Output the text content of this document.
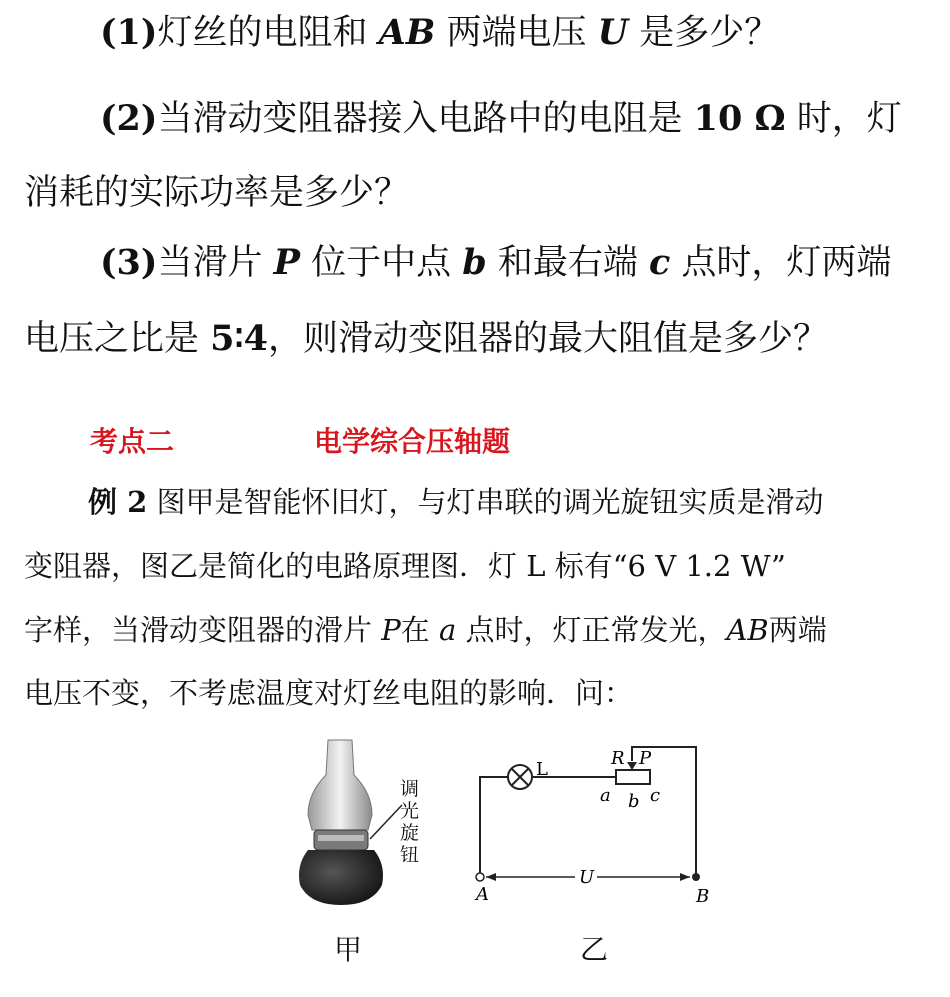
(1)灯丝的电阻和 AB 两端电压 U 是多少？
(2)当滑动变阻器接入电路中的电阻是 10 Ω 时，灯
消耗的实际功率是多少？
(3)当滑片 P 位于中点 b 和最右端 c 点时，灯两端
电压之比是 5∶4，则滑动变阻器的最大阻值是多少？
考点二	电学综合压轴题
例 2 图甲是智能怀旧灯，与灯串联的调光旋钮实质是滑动
变阻器，图乙是简化的电路原理图．灯 L 标有“6 V 1.2 W”
字样，当滑动变阻器的滑片 P在 a 点时，灯正常发光，AB两端
电压不变，不考虑温度对灯丝电阻的影响．问：
调
光
旋
钮
L
R P
a b c
U
A	B
甲	乙
